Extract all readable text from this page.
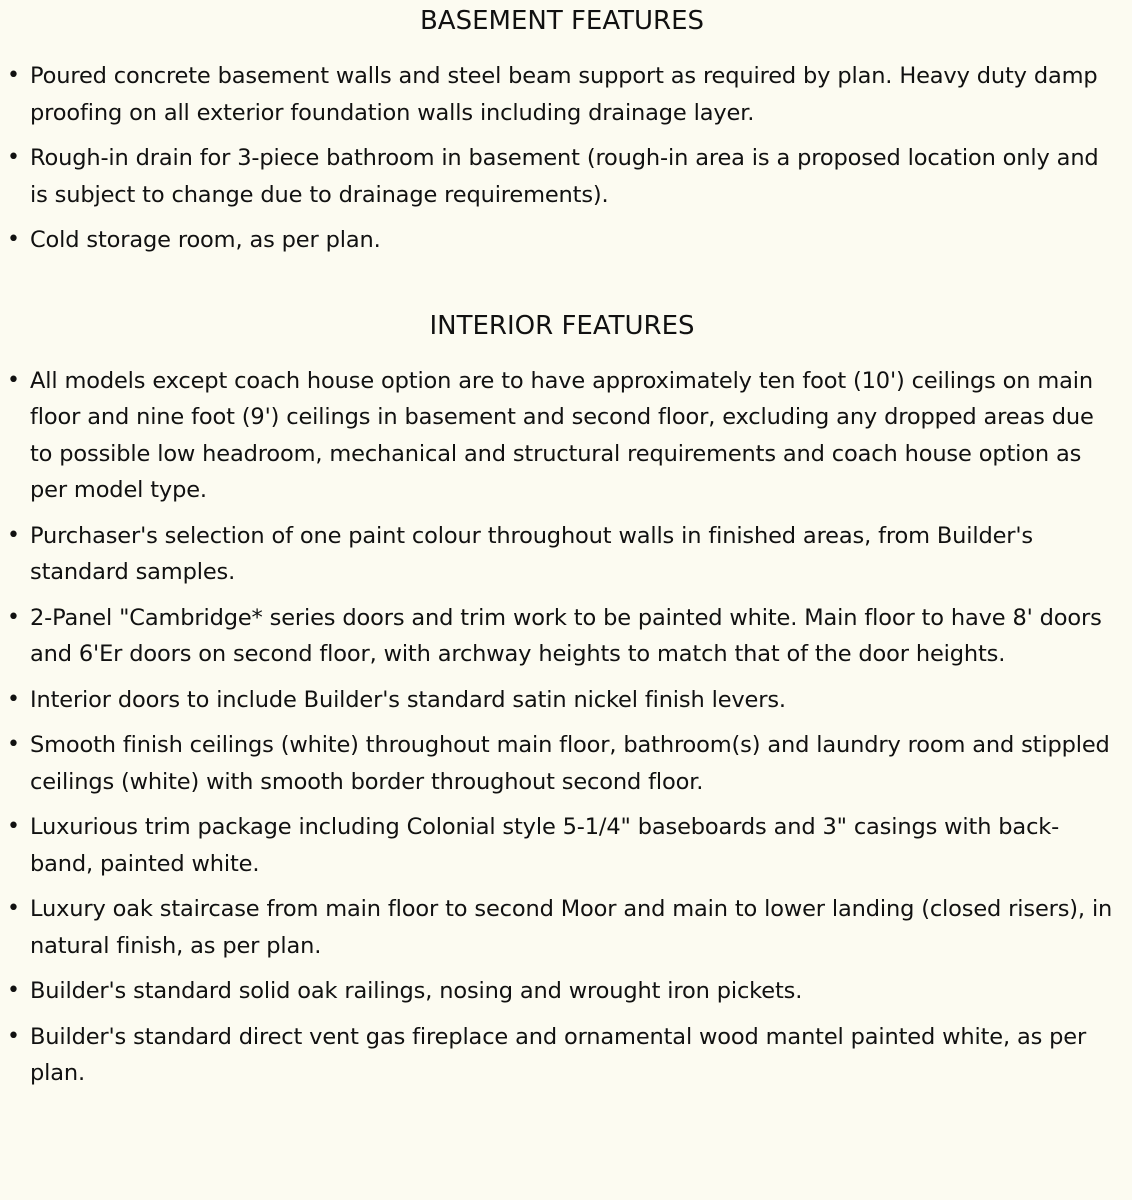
BASEMENT FEATURES
• Poured concrete basement walls and steel beam support as required by plan. Heavy duty damp proofing on all exterior foundation walls including drainage layer.
• Rough-in drain for 3-piece bathroom in basement (rough-in area is a proposed location only and is subject to change due to drainage requirements).
• Cold storage room, as per plan.
INTERIOR FEATURES
• All models except coach house option are to have approximately ten foot (10') ceilings on main floor and nine foot (9') ceilings in basement and second floor, excluding any dropped areas due to possible low headroom, mechanical and structural requirements and coach house option as per model type.
• Purchaser's selection of one paint colour throughout walls in finished areas, from Builder's standard samples.
• 2-Panel "Cambridge* series doors and trim work to be painted white. Main floor to have 8' doors and 6'Er doors on second floor, with archway heights to match that of the door heights.
• Interior doors to include Builder's standard satin nickel finish levers.
• Smooth finish ceilings (white) throughout main floor, bathroom(s) and laundry room and stippled ceilings (white) with smooth border throughout second floor.
• Luxurious trim package including Colonial style 5-1/4" baseboards and 3" casings with back-band, painted white.
• Luxury oak staircase from main floor to second Moor and main to lower landing (closed risers), in natural finish, as per plan.
• Builder's standard solid oak railings, nosing and wrought iron pickets.
• Builder's standard direct vent gas fireplace and ornamental wood mantel painted white, as per plan.
